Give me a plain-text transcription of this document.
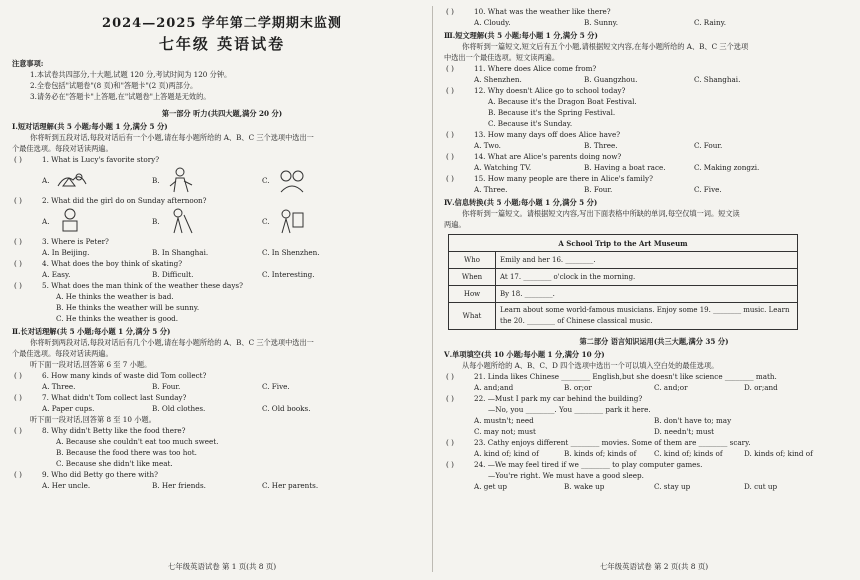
2024—2025 学年第二学期期末监测
七年级 英语试卷
注意事项:
1.本试卷共四部分,十大题,试题 120 分,考试时间为 120 分钟。
2.全卷包括"试题卷"(8 页)和"答题卡"(2 页)两部分。
3.请务必在"答题卡"上答题,在"试题卷"上答题是无效的。
第一部分 听力(共四大题,满分 20 分)
Ⅰ.短对话理解(共 5 小题;每小题 1 分,满分 5 分)
你将听到五段对话,每段对话后有一个小题,请在每小题所给的 A、B、C 三个选项中选出一
个最佳选项。每段对话读两遍。
( )	1. What is Lucy's favorite story?
A.	B.	C.
( )	2. What did the girl do on Sunday afternoon?
A.	B.	C.
( )	3. Where is Peter?
A. In Beijing.	B. In Shanghai.	C. In Shenzhen.
( )	4. What does the boy think of skating?
A. Easy.	B. Difficult.	C. Interesting.
( )	5. What does the man think of the weather these days?
A. He thinks the weather is bad.
B. He thinks the weather will be sunny.
C. He thinks the weather is good.
Ⅱ.长对话理解(共 5 小题;每小题 1 分,满分 5 分)
你将听到两段对话,每段对话后有几个小题,请在每小题所给的 A、B、C 三个选项中选出一
个最佳选项。每段对话读两遍。
听下面一段对话,回答第 6 至 7 小题。
( )	6. How many kinds of waste did Tom collect?
A. Three.	B. Four.	C. Five.
( )	7. What didn't Tom collect last Sunday?
A. Paper cups.	B. Old clothes.	C. Old books.
听下面一段对话,回答第 8 至 10 小题。
( )	8. Why didn't Betty like the food there?
A. Because she couldn't eat too much sweet.
B. Because the food there was too hot.
C. Because she didn't like meat.
( )	9. Who did Betty go there with?
A. Her uncle.	B. Her friends.	C. Her parents.
七年级英语试卷 第 1 页(共 8 页)
( )	10. What was the weather like there?
A. Cloudy.	B. Sunny.	C. Rainy.
Ⅲ.短文理解(共 5 小题;每小题 1 分,满分 5 分)
你将听到一篇短文,短文后有五个小题,请根据短文内容,在每小题所给的 A、B、C 三个选项
中选出一个最佳选项。短文读两遍。
( )	11. Where does Alice come from?
A. Shenzhen.	B. Guangzhou.	C. Shanghai.
( )	12. Why doesn't Alice go to school today?
A. Because it's the Dragon Boat Festival.
B. Because it's the Spring Festival.
C. Because it's Sunday.
( )	13. How many days off does Alice have?
A. Two.	B. Three.	C. Four.
( )	14. What are Alice's parents doing now?
A. Watching TV.	B. Having a boat race.	C. Making zongzi.
( )	15. How many people are there in Alice's family?
A. Three.	B. Four.	C. Five.
Ⅳ.信息转换(共 5 小题;每小题 1 分,满分 5 分)
你将听到一篇短文。请根据短文内容,写出下面表格中所缺的单词,每空仅填一词。短文读
两遍。
A School Trip to the Art Museum	
Who	Emily and her 16. ________.
When	At 17. ________ o'clock in the morning.
How	By 18. ________.
What	Learn about some world-famous musicians. Enjoy some 19. ________ music. Learn the 20. ________ of Chinese classical music.
第二部分 语言知识运用(共三大题,满分 35 分)
Ⅴ.单项填空(共 10 小题;每小题 1 分,满分 10 分)
从每小题所给的 A、B、C、D 四个选项中选出一个可以填入空白处的最佳选项。
( )	21. Linda likes Chinese ________ English,but she doesn't like science ________ math.
A. and;and	B. or;or	C. and;or	D. or;and
( )	22. —Must I park my car behind the building?
—No, you ________. You ________ park it here.
A. mustn't; need	B. don't have to; may
C. may not; must	D. needn't; must
( )	23. Cathy enjoys different ________ movies. Some of them are ________ scary.
A. kind of; kind of	B. kinds of; kinds of	C. kind of; kinds of	D. kinds of; kind of
( )	24. —We may feel tired if we ________ to play computer games.
—You're right. We must have a good sleep.
A. get up	B. wake up	C. stay up	D. cut up
七年级英语试卷 第 2 页(共 8 页)
